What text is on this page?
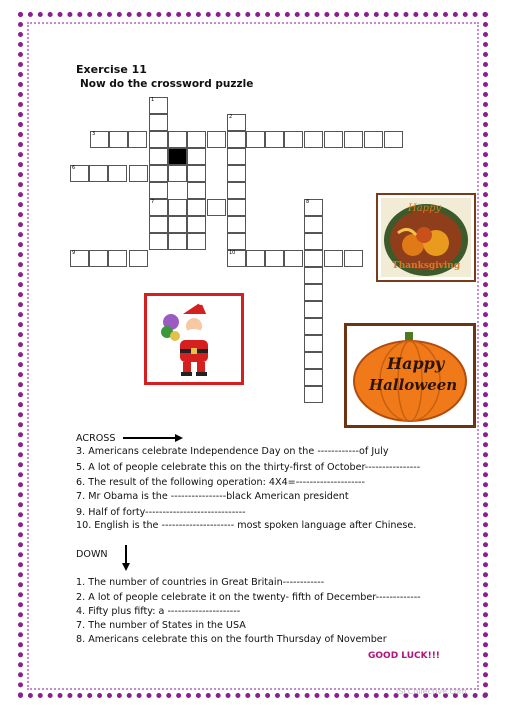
Exercise 11
Now do the crossword puzzle
1
2
3
6
7	8
9	10
Happy
Thanksgiving
Happy
Halloween
ACROSS
3. Americans celebrate Independence Day on the ------------of July
5. A lot of people celebrate this on the thirty-first of October----------------
6. The result of the following operation: 4X4=--------------------
7. Mr Obama is the ----------------black American president
9. Half of forty-----------------------------
10. English is the --------------------- most spoken language after Chinese.
DOWN
1. The number of countries in Great Britain------------
2. A lot of people celebrate it on the twenty- fifth of December-------------
4. Fifty plus fifty: a ---------------------
7. The number of States in the USA
8. Americans celebrate this on the fourth Thursday of November
GOOD LUCK!!!
iSLCollective.com
